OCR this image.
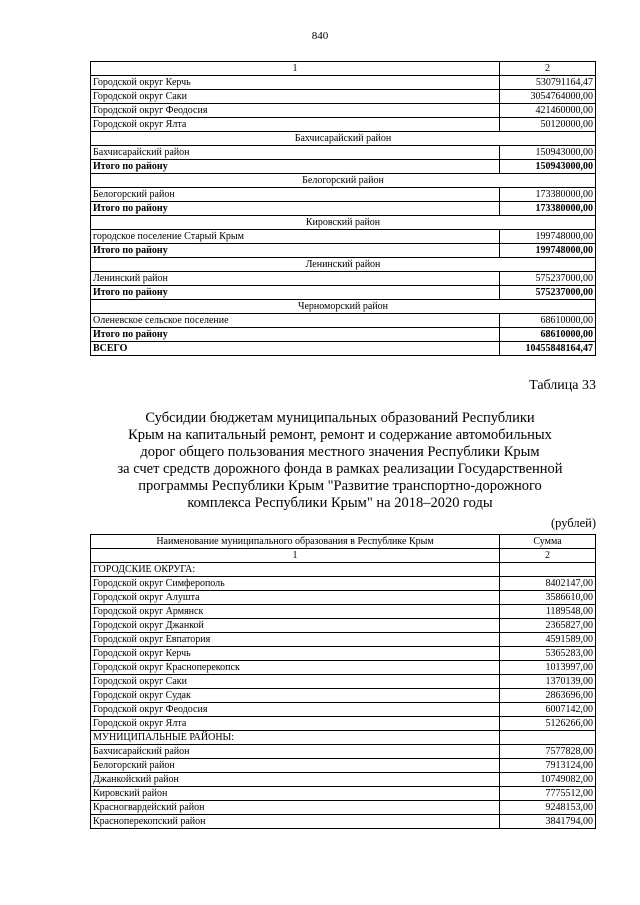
840
1	2
Городской округ Керчь	530791164,47
Городской округ Саки	3054764000,00
Городской округ Феодосия	421460000,00
Городской округ Ялта	50120000,00
Бахчисарайский район	
Бахчисарайский район	150943000,00
Итого по району	150943000,00
Белогорский район	
Белогорский район	173380000,00
Итого по району	173380000,00
Кировский район	
городское поселение Старый Крым	199748000,00
Итого по району	199748000,00
Ленинский район	
Ленинский район	575237000,00
Итого по району	575237000,00
Черноморский район	
Оленевское сельское поселение	68610000,00
Итого по району	68610000,00
ВСЕГО	10455848164,47
Таблица 33
Субсидии бюджетам муниципальных образований Республики
Крым на капитальный ремонт, ремонт и содержание автомобильных
дорог общего пользования местного значения Республики Крым
за счет средств дорожного фонда в рамках реализации Государственной
программы Республики Крым "Развитие транспортно-дорожного
комплекса Республики Крым" на 2018–2020 годы
(рублей)
Наименование муниципального образования в Республике Крым	Сумма
1	2
ГОРОДСКИЕ ОКРУГА:	
Городской округ Симферополь	8402147,00
Городской округ Алушта	3586610,00
Городской округ Армянск	1189548,00
Городской округ Джанкой	2365827,00
Городской округ Евпатория	4591589,00
Городской округ Керчь	5365283,00
Городской округ Красноперекопск	1013997,00
Городской округ Саки	1370139,00
Городской округ Судак	2863696,00
Городской округ Феодосия	6007142,00
Городской округ Ялта	5126266,00
МУНИЦИПАЛЬНЫЕ РАЙОНЫ:	
Бахчисарайский район	7577828,00
Белогорский район	7913124,00
Джанкойский район	10749082,00
Кировский район	7775512,00
Красногвардейский район	9248153,00
Красноперекопский район	3841794,00
